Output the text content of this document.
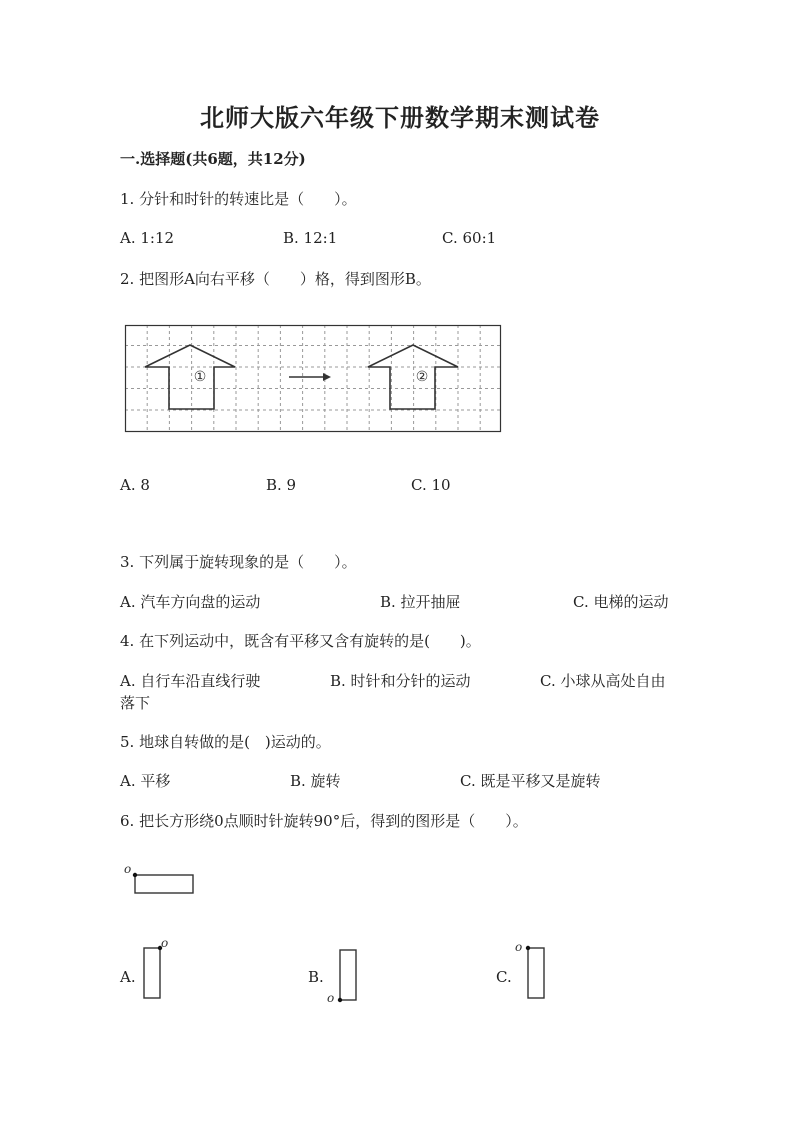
北师大版六年级下册数学期末测试卷
一.选择题(共6题，共12分)
1. 分针和时针的转速比是（　　）。
A. 1:12	B. 12:1	C. 60:1
2. 把图形A向右平移（　　）格，得到图形B。
①	②
A. 8	B. 9	C. 10
3. 下列属于旋转现象的是（　　）。
A. 汽车方向盘的运动	B. 拉开抽屉	C. 电梯的运动
4. 在下列运动中，既含有平移又含有旋转的是(　　)。
A. 自行车沿直线行驶	B. 时针和分针的运动	C. 小球从高处自由
落下
5. 地球自转做的是(　)运动的。
A. 平移	B. 旋转	C. 既是平移又是旋转
6. 把长方形绕0点顺时针旋转90°后，得到的图形是（　　）。
o
A.
o
B.
o
C.
o
